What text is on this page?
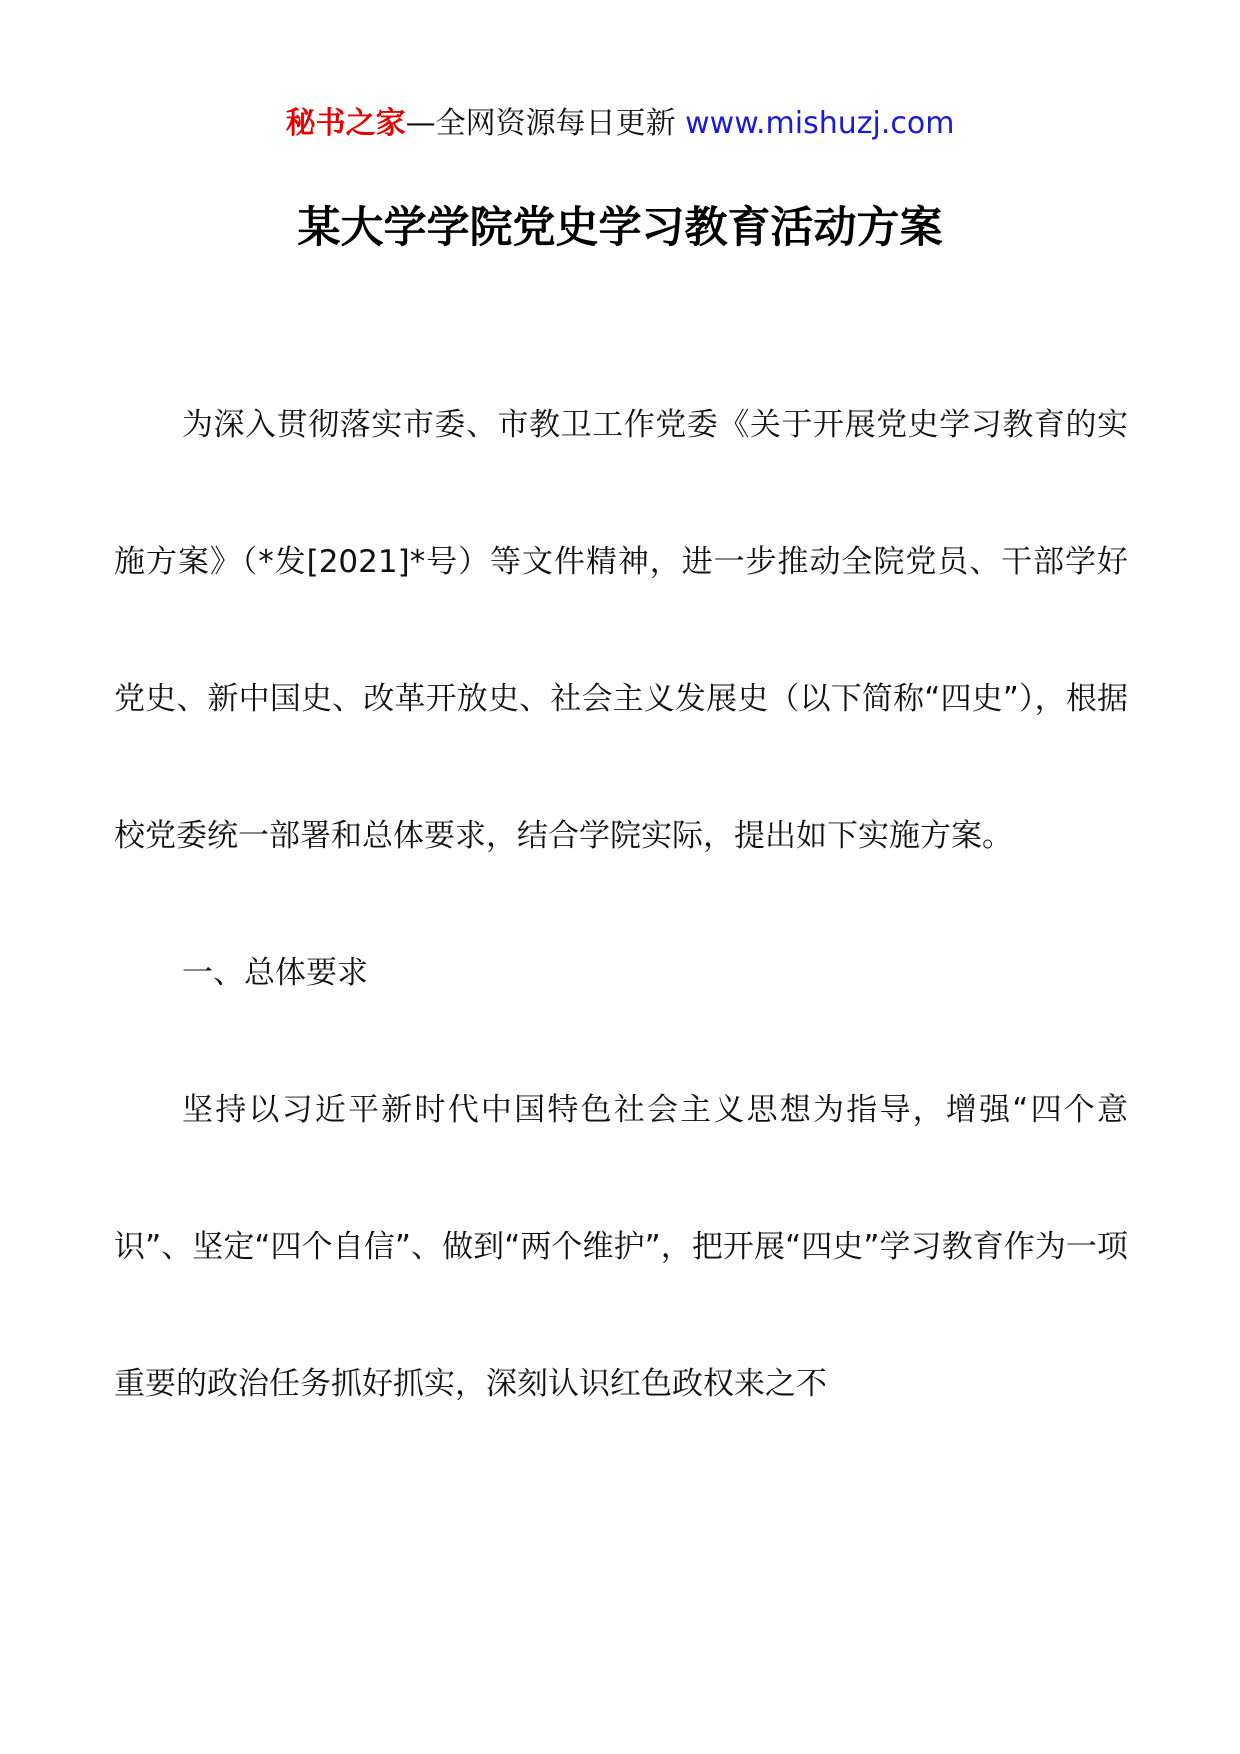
秘书之家—全网资源每日更新 www.mishuzj.com
某大学学院党史学习教育活动方案

为深入贯彻落实市委、市教卫工作党委《关于开展党史学习教育的实施方案》（*发[2021]*号）等文件精神，进一步推动全院党员、干部学好党史、新中国史、改革开放史、社会主义发展史（以下简称“四史”），根据校党委统一部署和总体要求，结合学院实际，提出如下实施方案。

一、总体要求

坚持以习近平新时代中国特色社会主义思想为指导，增强“四个意识”、坚定“四个自信”、做到“两个维护”，把开展“四史”学习教育作为一项重要的政治任务抓好抓实，深刻认识红色政权来之不
